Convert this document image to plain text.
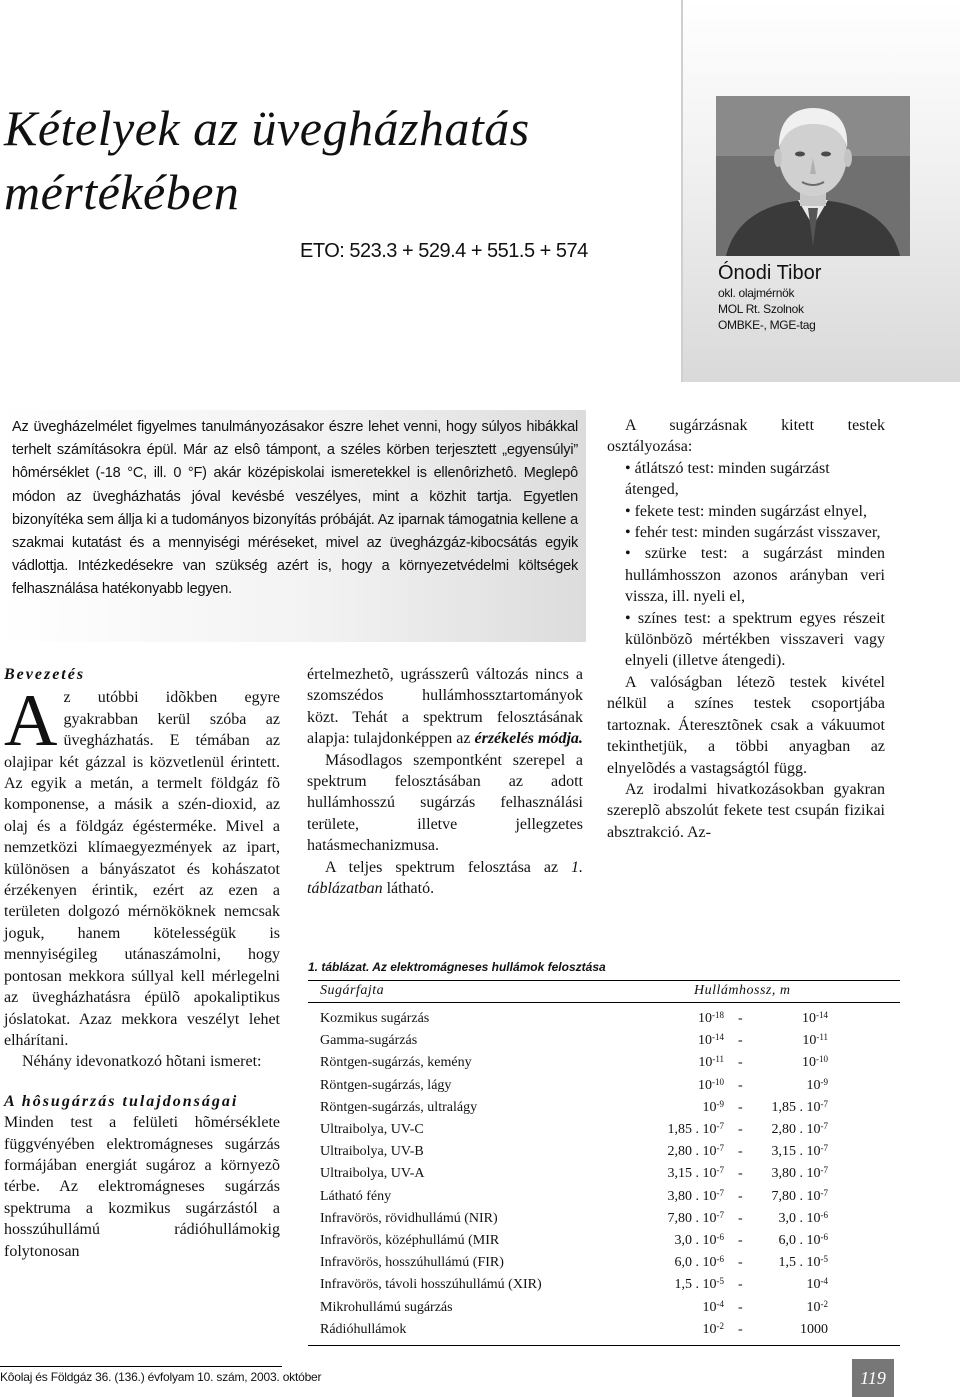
Kételyek az üvegházhatás mértékében
ETO: 523.3 + 529.4 + 551.5 + 574
Ónodi Tibor
okl. olajmérnök
MOL Rt. Szolnok
OMBKE-, MGE-tag

Az üvegházelmélet figyelmes tanulmányozásakor észre lehet venni, hogy súlyos hibákkal terhelt számításokra épül. Már az elsô támpont, a széles körben terjesztett „egyensúlyi” hômérséklet (-18 °C, ill. 0 °F) akár középiskolai ismeretekkel is ellenôrizhetô. Meglepô módon az üvegházhatás jóval kevésbé veszélyes, mint a közhit tartja. Egyetlen bizonyítéka sem állja ki a tudományos bizonyítás próbáját. Az iparnak támogatnia kellene a szakmai kutatást és a mennyiségi méréseket, mivel az üvegházgáz-kibocsátás egyik vádlottja. Intézkedésekre van szükség azért is, hogy a környezetvédelmi költségek felhasználása hatékonyabb legyen.

Bevezetés

Az utóbbi idõkben egyre gyakrabban kerül szóba az üvegházhatás. E témában az olajipar két gázzal is közvetlenül érintett. Az egyik a metán, a termelt földgáz fõ komponense, a másik a szén-dioxid, az olaj és a földgáz égésterméke. Mivel a nemzetközi klímaegyezmények az ipart, különösen a bányászatot és kohászatot érzékenyen érintik, ezért az ezen a területen dolgozó mérnököknek nemcsak joguk, hanem kötelességük is mennyiségileg utánaszámolni, hogy pontosan mekkora súllyal kell mérlegelni az üvegházhatásra épülõ apokaliptikus jóslatokat. Azaz mekkora veszélyt lehet elhárítani.

Néhány idevonatkozó hõtani ismeret:

A hôsugárzás tulajdonságai

Minden test a felületi hõmérséklete függvényében elektromágneses sugárzás formájában energiát sugároz a környezõ térbe. Az elektromágneses sugárzás spektruma a kozmikus sugárzástól a hosszúhullámú rádióhullámokig folytonosan

értelmezhetõ, ugrásszerû változás nincs a szomszédos hullámhossztartományok közt. Tehát a spektrum felosztásának alapja: tulajdonképpen az érzékelés módja.

Másodlagos szempontként szerepel a spektrum felosztásában az adott hullámhosszú sugárzás felhasználási területe, illetve jellegzetes hatásmechanizmusa.

A teljes spektrum felosztása az 1. táblázatban látható.

A sugárzásnak kitett testek osztályozása:

• átlátszó test: minden sugárzást átenged,

• fekete test: minden sugárzást elnyel,

• fehér test: minden sugárzást visszaver,

• szürke test: a sugárzást minden hullámhosszon azonos arányban veri vissza, ill. nyeli el,

• színes test: a spektrum egyes részeit különbözõ mértékben visszaveri vagy elnyeli (illetve átengedi).

A valóságban létezõ testek kivétel nélkül a színes testek csoportjába tartoznak. Áteresztõnek csak a vákuumot tekinthetjük, a többi anyagban az elnyelõdés a vastagságtól függ.

Az irodalmi hivatkozásokban gyakran szereplõ abszolút fekete test csupán fizikai absztrakció. Az-

1. táblázat. Az elektromágneses hullámok felosztása
Sugárfajta	Hullámhossz, m
Kozmikus sugárzás	$10^{-18}$ -	$10^{-14}$
Gamma-sugárzás	$10^{-14}$ -	$10^{-11}$
Röntgen-sugárzás, kemény	$10^{-11}$ -	$10^{-10}$
Röntgen-sugárzás, lágy	$10^{-10}$ -	$10^{-9}$
Röntgen-sugárzás, ultralágy	$10^{-9} - 1,85$ . $10^{-7}$
Ultraibolya, UV-C	1,85 . $10^{-7} - 2,80$ . $10^{-7}$
Ultraibolya, UV-B	2,80 . $10^{-7} - 3,15$ . $10^{-7}$
Ultraibolya, UV-A	3,15 . $10^{-7} - 3,80$ . $10^{-7}$
Látható fény	3,80 . $10^{-7} - 7,80$ . $10^{-7}$
Infravörös, rövidhullámú (NIR)	7,80 . $10^{-7}$ -	3,0 . $10^{-6}$
Infravörös, középhullámú (MIR	3,0 . $10^{-6}$ -	6,0 . $10^{-6}$
Infravörös, hosszúhullámú (FIR)	6,0 . $10^{-6}$ -	1,5 . $10^{-5}$
Infravörös, távoli hosszúhullámú (XIR)	1,5 . $10^{-5}$ -	$10^{-4}$
Mikrohullámú sugárzás	$10^{-4}$ -	$10^{-2}$
Rádióhullámok	$10^{-2}$ -	1000
Kôolaj és Földgáz 36. (136.) évfolyam 10. szám, 2003. október	119
